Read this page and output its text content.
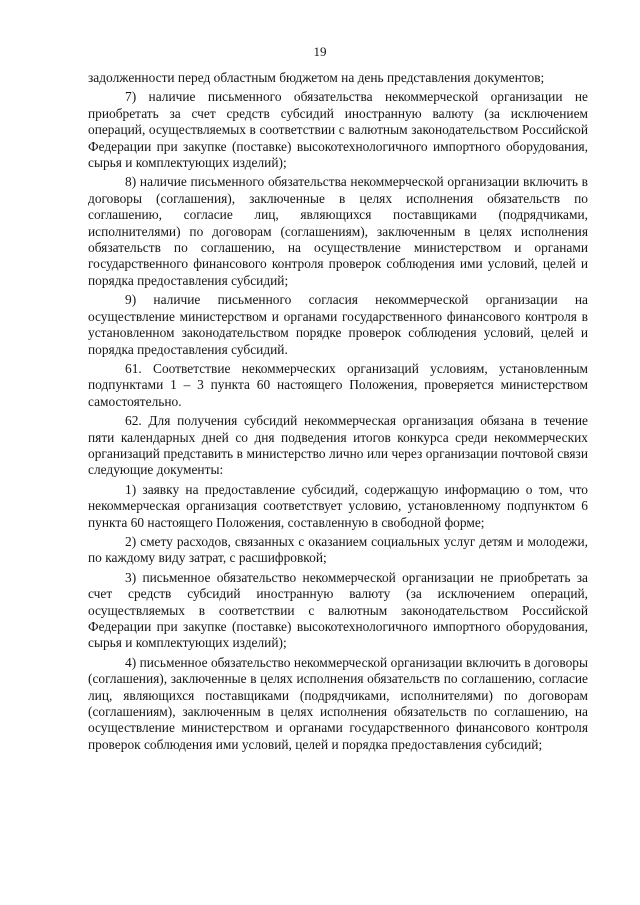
19

задолженности перед областным бюджетом на день представления документов;

7) наличие письменного обязательства некоммерческой организации не приобретать за счет средств субсидий иностранную валюту (за исключением операций, осуществляемых в соответствии с валютным законодательством Российской Федерации при закупке (поставке) высокотехнологичного импортного оборудования, сырья и комплектующих изделий);

8) наличие письменного обязательства некоммерческой организации включить в договоры (соглашения), заключенные в целях исполнения обязательств по соглашению, согласие лиц, являющихся поставщиками (подрядчиками, исполнителями) по договорам (соглашениям), заключенным в целях исполнения обязательств по соглашению, на осуществление министерством и органами государственного финансового контроля проверок соблюдения ими условий, целей и порядка предоставления субсидий;

9) наличие письменного согласия некоммерческой организации на осуществление министерством и органами государственного финансового контроля в установленном законодательством порядке проверок соблюдения условий, целей и порядка предоставления субсидий.

61. Соответствие некоммерческих организаций условиям, установленным подпунктами 1 – 3 пункта 60 настоящего Положения, проверяется министерством самостоятельно.

62. Для получения субсидий некоммерческая организация обязана в течение пяти календарных дней со дня подведения итогов конкурса среди некоммерческих организаций представить в министерство лично или через организации почтовой связи следующие документы:

1) заявку на предоставление субсидий, содержащую информацию о том, что некоммерческая организация соответствует условию, установленному подпунктом 6 пункта 60 настоящего Положения, составленную в свободной форме;

2) смету расходов, связанных с оказанием социальных услуг детям и молодежи, по каждому виду затрат, с расшифровкой;

3) письменное обязательство некоммерческой организации не приобретать за счет средств субсидий иностранную валюту (за исключением операций, осуществляемых в соответствии с валютным законодательством Российской Федерации при закупке (поставке) высокотехнологичного импортного оборудования, сырья и комплектующих изделий);

4) письменное обязательство некоммерческой организации включить в договоры (соглашения), заключенные в целях исполнения обязательств по соглашению, согласие лиц, являющихся поставщиками (подрядчиками, исполнителями) по договорам (соглашениям), заключенным в целях исполнения обязательств по соглашению, на осуществление министерством и органами государственного финансового контроля проверок соблюдения ими условий, целей и порядка предоставления субсидий;
